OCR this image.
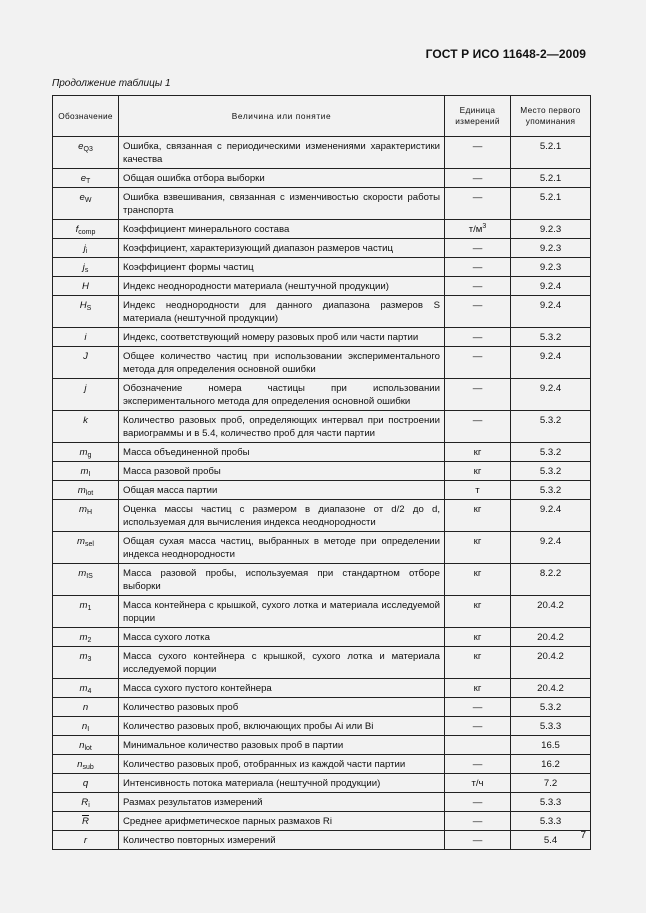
ГОСТ Р ИСО 11648-2—2009
Продолжение таблицы 1
Обозначение	Величина или понятие	Единица измерений	Место первого упоминания
$e_{Q3}$	Ошибка, связанная с периодическими изменениями характеристики качества	—	5.2.1
$e_T$	Общая ошибка отбора выборки	—	5.2.1
$e_W$	Ошибка взвешивания, связанная с изменчивостью скорости работы транспорта	—	5.2.1
$f_{comp}$	Коэффициент минерального состава	$т/м^3$	9.2.3
$j_i$	Коэффициент, характеризующий диапазон размеров частиц	—	9.2.3
$j_s$	Коэффициент формы частиц	—	9.2.3
H	Индекс неоднородности материала (нештучной продукции)	—	9.2.4
$H_S$	Индекс неоднородности для данного диапазона размеров S материала (нештучной продукции)	—	9.2.4
i	Индекс, соответствующий номеру разовых проб или части партии	—	5.3.2
J	Общее количество частиц при использовании экспериментального метода для определения основной ошибки	—	9.2.4
j	Обозначение номера частицы при использовании экспериментального метода для определения основной ошибки	—	9.2.4
k	Количество разовых проб, определяющих интервал при построении вариограммы и в 5.4, количество проб для части партии	—	5.3.2
$m_g$	Масса объединенной пробы	кг	5.3.2
$m_I$	Масса разовой пробы	кг	5.3.2
$m_{lot}$	Общая масса партии	т	5.3.2
$m_H$	Оценка массы частиц с размером в диапазоне от d/2 до d, используемая для вычисления индекса неоднородности	кг	9.2.4
$m_{sel}$	Общая сухая масса частиц, выбранных в методе при определении индекса неоднородности	кг	9.2.4
$m_{IS}$	Масса разовой пробы, используемая при стандартном отборе выборки	кг	8.2.2
$m_1$	Масса контейнера с крышкой, сухого лотка и материала исследуемой порции	кг	20.4.2
$m_2$	Масса сухого лотка	кг	20.4.2
$m_3$	Масса сухого контейнера с крышкой, сухого лотка и материала исследуемой порции	кг	20.4.2
$m_4$	Масса сухого пустого контейнера	кг	20.4.2
n	Количество разовых проб	—	5.3.2
$n_I$	Количество разовых проб, включающих пробы Ai или Bi	—	5.3.3
$n_{lot}$	Минимальное количество разовых проб в партии		16.5
$n_{sub}$	Количество разовых проб, отобранных из каждой части партии	—	16.2
q	Интенсивность потока материала (нештучной продукции)	т/ч	7.2
$R_i$	Размах результатов измерений	—	5.3.3
$\overline{R}$	Среднее арифметическое парных размахов Ri	—	5.3.3
r	Количество повторных измерений	—	5.4 7
